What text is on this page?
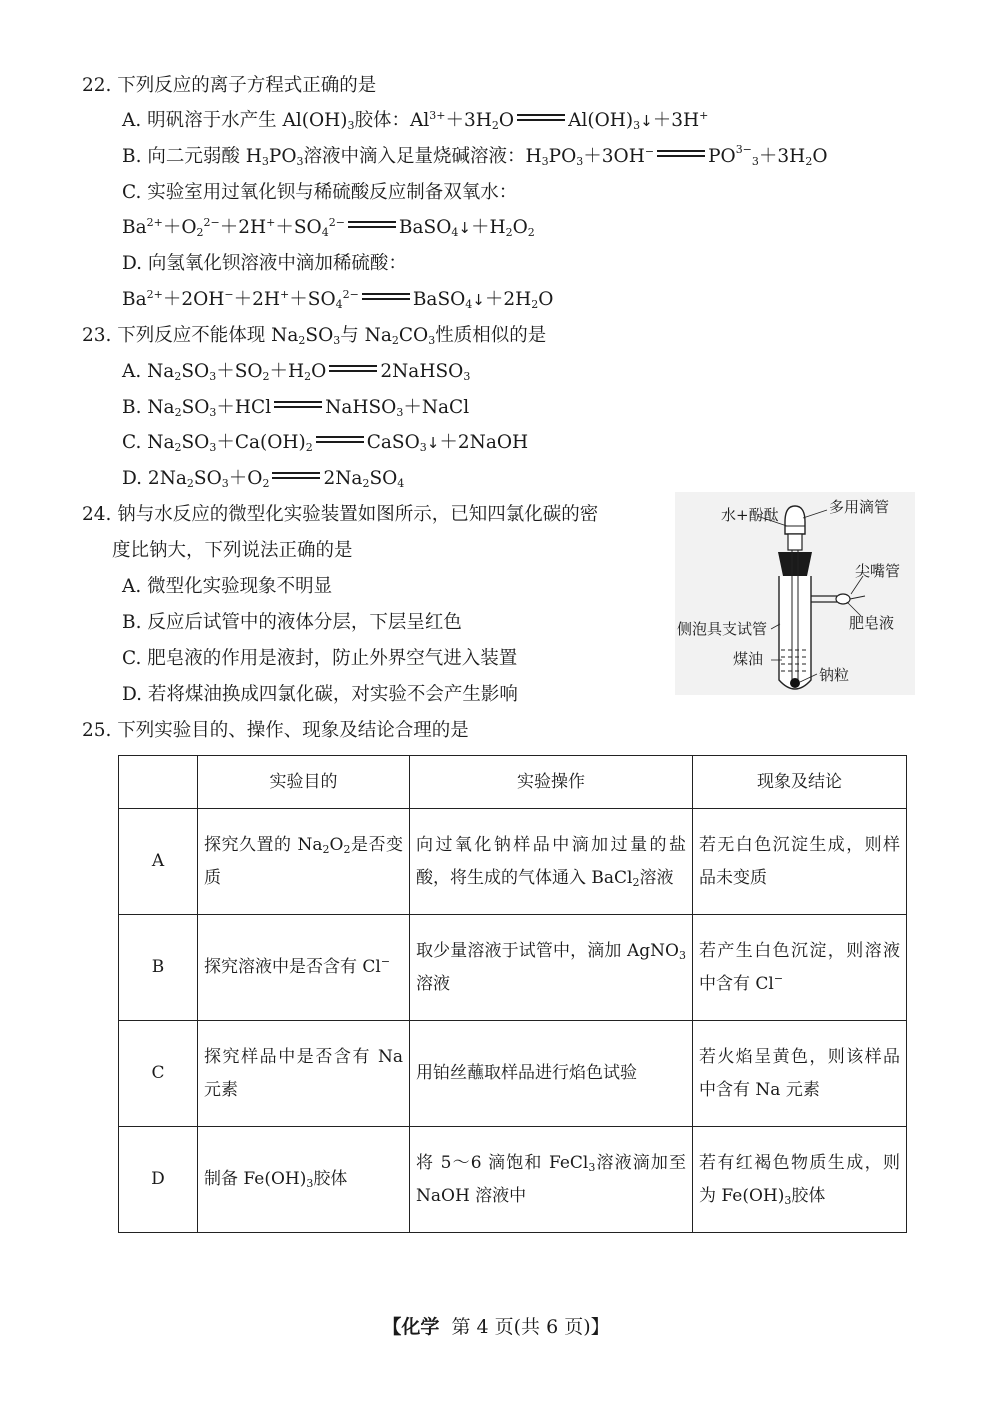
22. 下列反应的离子方程式正确的是
A. 明矾溶于水产生 $Al(OH)_3$胶体：$Al^{3+}+3H_2O$	$Al(OH)_3↓+3H^+$
B. 向二元弱酸 $H_3PO_3$溶液中滴入足量烧碱溶液：$H_3PO_3+3OH^-$	$PO_{3-3}+3H_2O$
C. 实验室用过氧化钡与稀硫酸反应制备双氧水：
$Ba^{2+}+O_2^{2-}+2H^++SO_4^{2-}$	$BaSO_4↓+H_2O_2$
D. 向氢氧化钡溶液中滴加稀硫酸：
$Ba^{2+}+2OH^-+2H^++SO_4^{2-}$	$BaSO_4↓+2H_2O$
23. 下列反应不能体现 $Na_2SO_3$与 $Na_2CO_3$性质相似的是
A. $Na_2SO_3+SO_2+H_2O$	2NaHSO$_3$
B. $Na_2SO_3+HCl$	NaHSO$_3$＋NaCl
C. $Na_2SO_3+Ca(OH)_2$	CaSO$_3$↓＋2NaOH
D. $2Na_2SO_3+O_2$	$2Na_2SO_4$
24. 钠与水反应的微型化实验装置如图所示，已知四氯化碳的密
度比钠大，下列说法正确的是
A. 微型化实验现象不明显
B. 反应后试管中的液体分层，下层呈红色
C. 肥皂液的作用是液封，防止外界空气进入装置
D. 若将煤油换成四氯化碳，对实验不会产生影响
水+酚酞	多用滴管
尖嘴管
肥皂液
侧泡具支试管
煤油
钠粒
25. 下列实验目的、操作、现象及结论合理的是
	实验目的	实验操作	现象及结论
A	探究久置的 $Na_2O_2$是否变质	向过氧化钠样品中滴加过量的盐酸，将生成的气体通入 BaCl$_2$溶液	若无白色沉淀生成，则样品未变质
B	探究溶液中是否含有 Cl−	取少量溶液于试管中，滴加 AgNO$_3$溶液	若产生白色沉淀，则溶液中含有 Cl−
C	探究样品中是否含有 Na 元素	用铂丝蘸取样品进行焰色试验	若火焰呈黄色，则该样品中含有 Na 元素
D	制备 $Fe(OH)_3$胶体	将 5～6 滴饱和 FeCl$_3$溶液滴加至 NaOH 溶液中	若有红褐色物质生成，则为 $Fe(OH)_3$胶体
【化学 第 4 页(共 6 页)】
